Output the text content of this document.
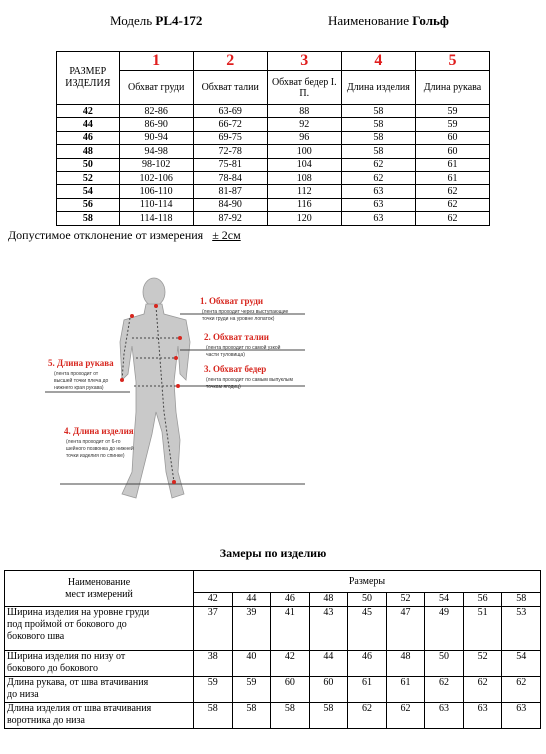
Модель PL4-172	Наименование Гольф
РАЗМЕР ИЗДЕЛИЯ	1	2	3	4	5
	Обхват груди	Обхват талии	Обхват бедер I. П.	Длина изделия	Длина рукава
42	82-86	63-69	88	58	59
44	86-90	66-72	92	58	59
46	90-94	69-75	96	58	60
48	94-98	72-78	100	58	60
50	98-102	75-81	104	62	61
52	102-106	78-84	108	62	61
54	106-110	81-87	112	63	62
56	110-114	84-90	116	63	62
58	114-118	87-92	120	63	62
Допустимое отклонение от измерения ± 2см
1. Обхват груди
(лента проходит через выступающие
точки груди на уровне лопаток)
2. Обхват талии
(лента проходит по самой узкой
части туловища)
3. Обхват бедер
(лента проходит по самым выпуклым
точкам ягодиц)
4. Длина изделия
(лента проходит от 6-го
шейного позвонка до нижней
точки изделия по спинке)
5. Длина рукава
(лента проходит от
высшей точки плеча до
нижнего края рукава)
Замеры по изделию
Наименование
мест измерений	Размеры								
	42	44	46	48	50	52	54	56	58

Ширина изделия на уровне груди
под проймой от бокового до
бокового шва	37	39	41	43	45	47	49	51	53

Ширина изделия по низу от
бокового до бокового	38	40	42	44	46	48	50	52	54

Длина рукава, от шва втачивания
до низа	59	59	60	60	61	61	62	62	62

Длина изделия от шва втачивания
воротника до низа	58	58	58	58	62	62	63	63	63
